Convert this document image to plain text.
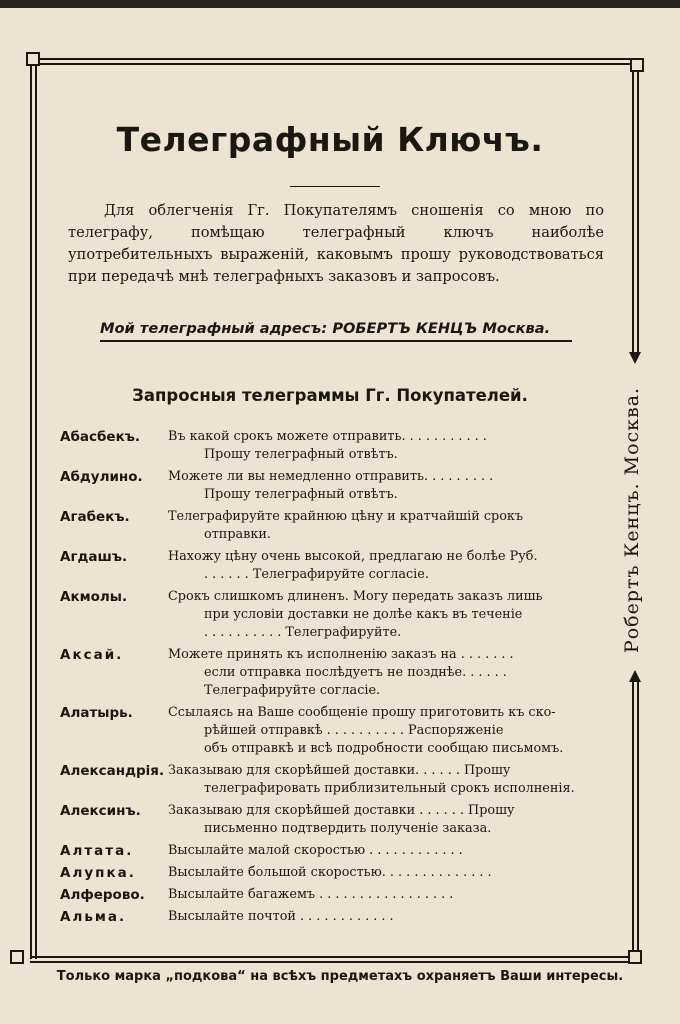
Робертъ Кенцъ. Москва.
Телеграфный Ключъ.
Для облегченія Гг. Покупателямъ сношенія со мною по телеграфу, помѣщаю телеграфный ключъ наиболѣе употребительныхъ выраженій, каковымъ прошу руководствоваться при передачѣ мнѣ телеграфныхъ заказовъ и запросовъ.
Мой телеграфный адресъ: РОБЕРТЪ КЕНЦЪ Москва.
Запросныя телеграммы Гг. Покупателей.
Абасбекъ.	Въ какой срокъ можете отправить. . . . . . . . . . .
Прошу телеграфный отвѣтъ.
Абдулино.	Можете ли вы немедленно отправить. . . . . . . . .
Прошу телеграфный отвѣтъ.
Агабекъ.	Телеграфируйте крайнюю цѣну и кратчайшій срокъ
отправки.
Агдашъ.	Нахожу цѣну очень высокой, предлагаю не болѣе Руб.
. . . . . . Телеграфируйте согласіе.
Акмолы.	Срокъ слишкомъ длиненъ. Могу передать заказъ лишь
при условіи доставки не долѣе какъ въ теченіе
. . . . . . . . . . Телеграфируйте.
Аксай.	Можете принять къ исполненію заказъ на . . . . . . .
если отправка послѣдуетъ не позднѣе. . . . . .
Телеграфируйте согласіе.
Алатырь.	Ссылаясь на Ваше сообщеніе прошу приготовить къ ско-
рѣйшей отправкѣ . . . . . . . . . . Распоряженіе
объ отправкѣ и всѣ подробности сообщаю письмомъ.
Александрія. Заказываю для скорѣйшей доставки. . . . . . Прошу
телеграфировать приблизительный срокъ исполненія.
Алексинъ.	Заказываю для скорѣйшей доставки . . . . . . Прошу
письменно подтвердить полученіе заказа.
Алтата.	Высылайте малой скоростью . . . . . . . . . . . .
Алупка.	Высылайте большой скоростью. . . . . . . . . . . . . .
Алферово.	Высылайте багажемъ . . . . . . . . . . . . . . . . .
Альма.	Высылайте почтой . . . . . . . . . . . .
Только марка „подкова“ на всѣхъ предметахъ охраняетъ Ваши интересы.
